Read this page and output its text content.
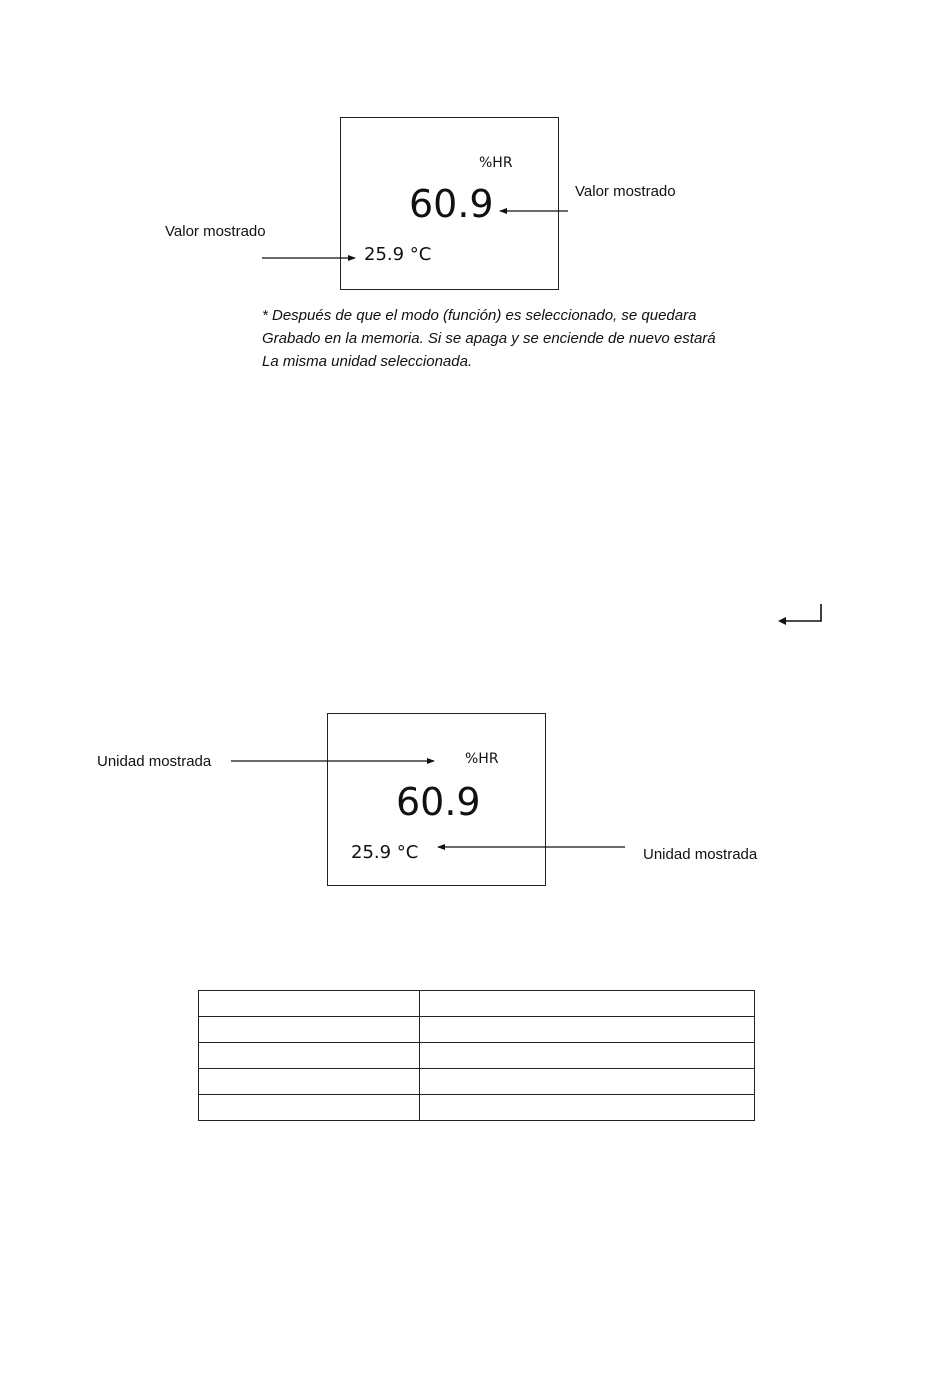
%HR
60.9
25.9 °C
Valor mostrado
Valor mostrado
* Después de que el modo (función) es seleccionado, se quedara
Grabado en la memoria. Si se apaga y se enciende de nuevo estará
La misma unidad seleccionada.
%HR
60.9
25.9 °C
Unidad mostrada
Unidad mostrada
